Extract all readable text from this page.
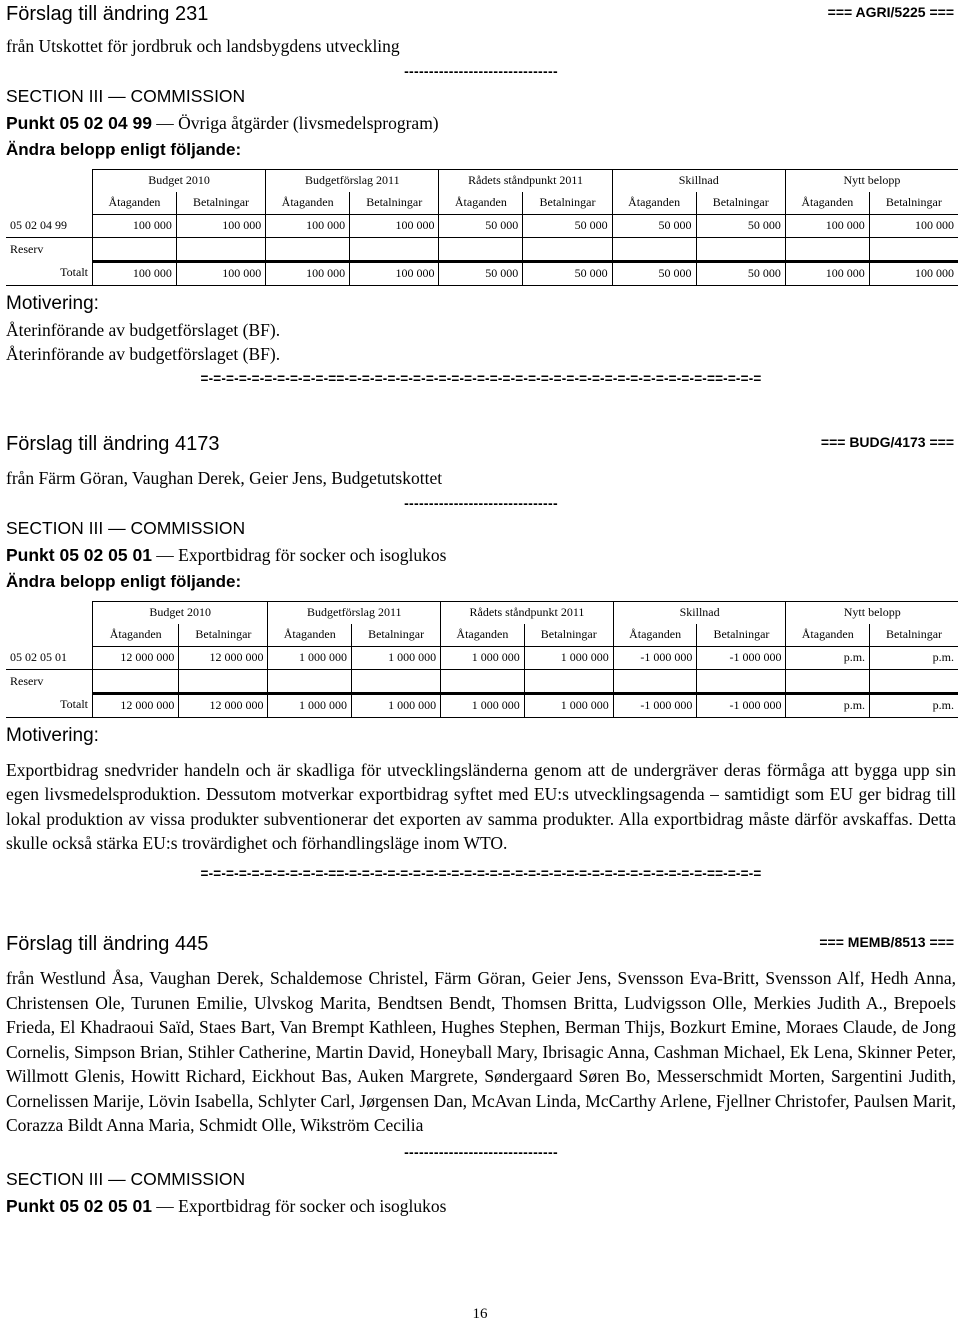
=== AGRI/5225 ===
Förslag till ändring 231
från Utskottet för jordbruk och landsbygdens utveckling
-------------------------------
SECTION III — COMMISSION
Punkt 05 02 04 99 — Övriga åtgärder (livsmedelsprogram)
Ändra belopp enligt följande:
	Budget 2010		Budgetförslag 2011		Rådets ståndpunkt 2011		Skillnad		Nytt belopp	
	Åtaganden	Betalningar	Åtaganden	Betalningar	Åtaganden	Betalningar	Åtaganden	Betalningar	Åtaganden	Betalningar
05 02 04 99	100 000	100 000	100 000	100 000	50 000	50 000	50 000	50 000	100 000	100 000
Reserv										
Totalt	100 000	100 000	100 000	100 000	50 000	50 000	50 000	50 000	100 000	100 000
Motivering:
Återinförande av budgetförslaget (BF).
Återinförande av budgetförslaget (BF).
=-=-=-=-=-=-=-=-=-=-==-=-=-=-=-=-=-=-=-=-=-=-=-=-=-=-=-=-=-=-=-=-=-=-=-=-=-=-=-==-=-=-=
=== BUDG/4173 ===
Förslag till ändring 4173
från Färm Göran, Vaughan Derek, Geier Jens, Budgetutskottet
-------------------------------
SECTION III — COMMISSION
Punkt 05 02 05 01 — Exportbidrag för socker och isoglukos
Ändra belopp enligt följande:
	Budget 2010		Budgetförslag 2011		Rådets ståndpunkt 2011		Skillnad		Nytt belopp	
	Åtaganden	Betalningar	Åtaganden	Betalningar	Åtaganden	Betalningar	Åtaganden	Betalningar	Åtaganden	Betalningar
05 02 05 01	12 000 000	12 000 000	1 000 000	1 000 000	1 000 000	1 000 000	-1 000 000	-1 000 000	p.m.	p.m.
Reserv										
Totalt	12 000 000	12 000 000	1 000 000	1 000 000	1 000 000	1 000 000	-1 000 000	-1 000 000	p.m.	p.m.
Motivering:
Exportbidrag snedvrider handeln och är skadliga för utvecklingsländerna genom att de undergräver deras förmåga att bygga upp sin egen livsmedelsproduktion. Dessutom motverkar exportbidrag syftet med EU:s utvecklingsagenda – samtidigt som EU ger bidrag till lokal produktion av vissa produkter subventionerar det exporten av samma produkter. Alla exportbidrag måste därför avskaffas. Detta skulle också stärka EU:s trovärdighet och förhandlingsläge inom WTO.
=-=-=-=-=-=-=-=-=-=-==-=-=-=-=-=-=-=-=-=-=-=-=-=-=-=-=-=-=-=-=-=-=-=-=-=-=-=-=-==-=-=-=
=== MEMB/8513 ===
Förslag till ändring 445
från Westlund Åsa, Vaughan Derek, Schaldemose Christel, Färm Göran, Geier Jens, Svensson Eva-Britt, Svensson Alf, Hedh Anna, Christensen Ole, Turunen Emilie, Ulvskog Marita, Bendtsen Bendt, Thomsen Britta, Ludvigsson Olle, Merkies Judith A., Brepoels Frieda, El Khadraoui Saïd, Staes Bart, Van Brempt Kathleen, Hughes Stephen, Berman Thijs, Bozkurt Emine, Moraes Claude, de Jong Cornelis, Simpson Brian, Stihler Catherine, Martin David, Honeyball Mary, Ibrisagic Anna, Cashman Michael, Ek Lena, Skinner Peter, Willmott Glenis, Howitt Richard, Eickhout Bas, Auken Margrete, Søndergaard Søren Bo, Messerschmidt Morten, Sargentini Judith, Cornelissen Marije, Lövin Isabella, Schlyter Carl, Jørgensen Dan, McAvan Linda, McCarthy Arlene, Fjellner Christofer, Paulsen Marit, Corazza Bildt Anna Maria, Schmidt Olle, Wikström Cecilia
-------------------------------
SECTION III — COMMISSION
Punkt 05 02 05 01 — Exportbidrag för socker och isoglukos
16
